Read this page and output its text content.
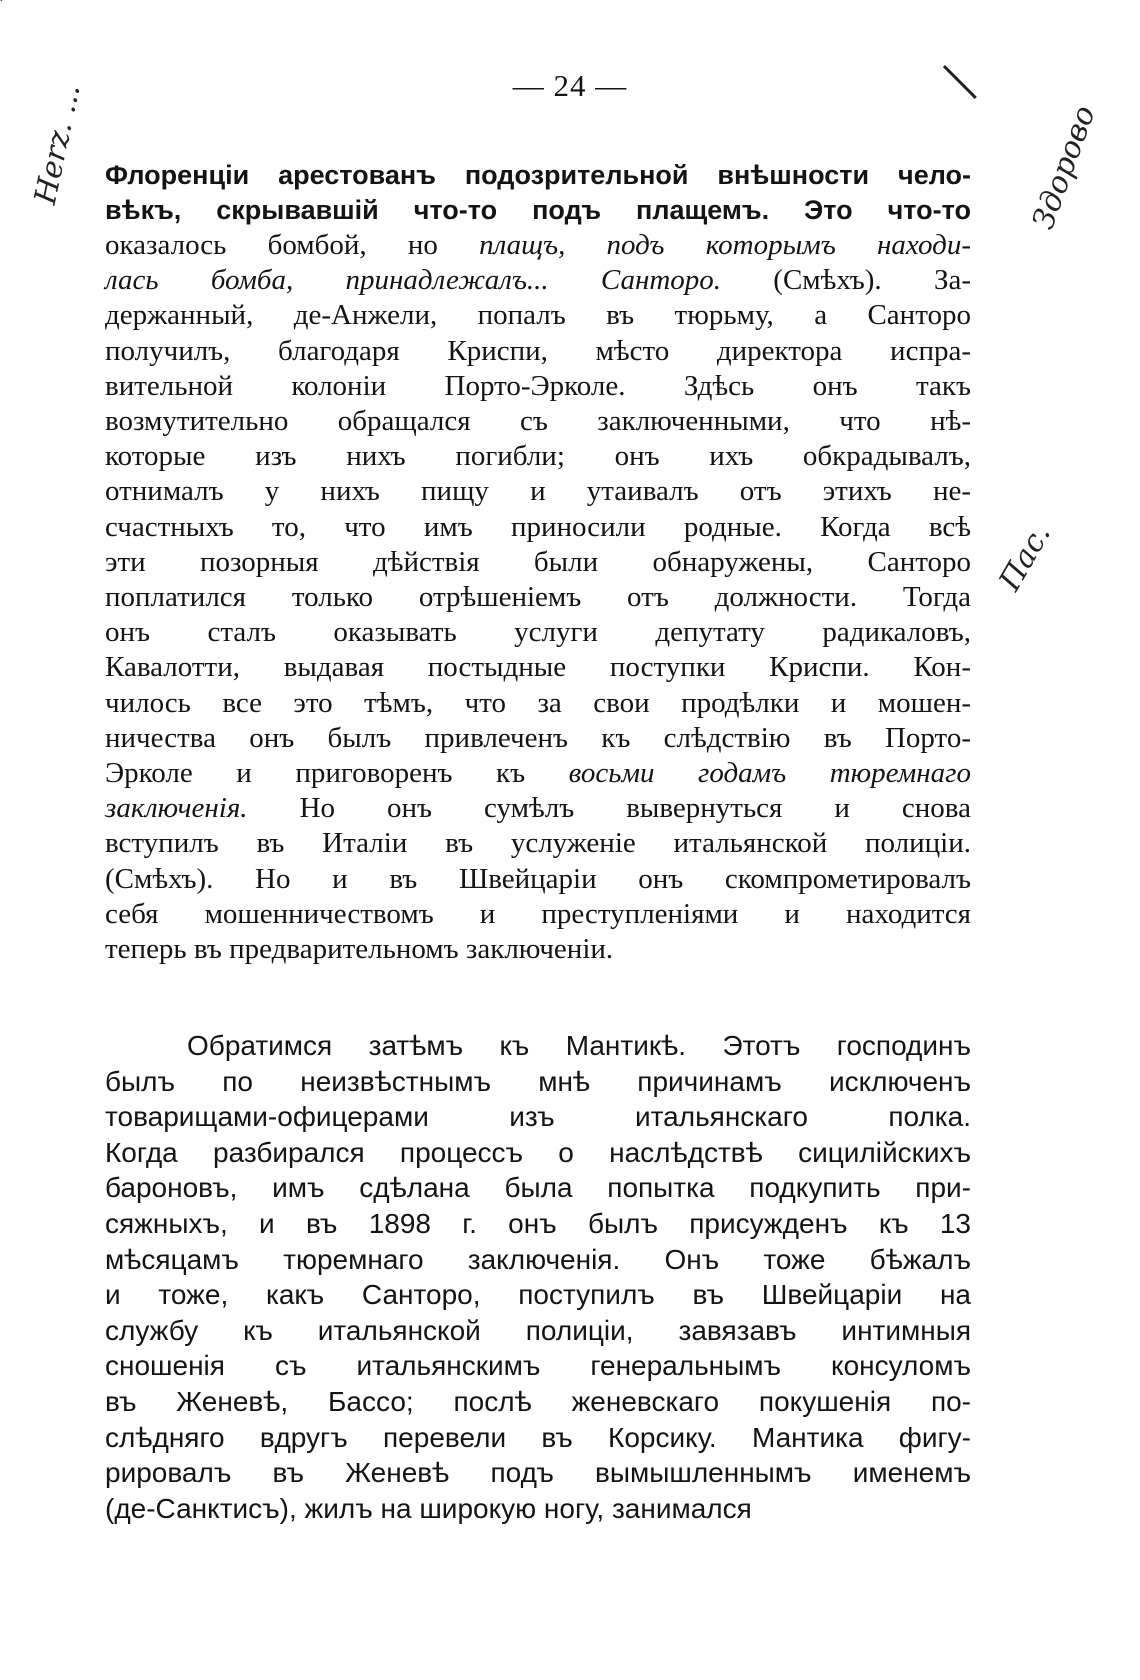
— 24 —
Флоренціи арестованъ подозрительной внѣшности чело-
вѣкъ, скрывавшій что-то подъ плащемъ. Это что-то
оказалось бомбой, но плащъ, подъ которымъ находи-
лась бомба, принадлежалъ... Санторо. (Смѣхъ). За-
держанный, де-Анжели, попалъ въ тюрьму, а Санторо
получилъ, благодаря Криспи, мѣсто директора испра-
вительной колоніи Порто-Эрколе. Здѣсь онъ такъ
возмутительно обращался съ заключенными, что нѣ-
которые изъ нихъ погибли; онъ ихъ обкрадывалъ,
отнималъ у нихъ пищу и утаивалъ отъ этихъ не-
счастныхъ то, что имъ приносили родные. Когда всѣ
эти позорныя дѣйствія были обнаружены, Санторо
поплатился только отрѣшеніемъ отъ должности. Тогда
онъ сталъ оказывать услуги депутату радикаловъ,
Кавалотти, выдавая постыдные поступки Криспи. Кон-
чилось все это тѣмъ, что за свои продѣлки и мошен-
ничества онъ былъ привлеченъ къ слѣдствію въ Порто-
Эрколе и приговоренъ къ восьми годамъ тюремнаго
заключенія. Но онъ сумѣлъ вывернуться и снова
вступилъ въ Италіи въ услуженіе итальянской полиціи.
(Смѣхъ). Но и въ Швейцаріи онъ скомпрометировалъ
себя мошенничествомъ и преступленіями и находится
теперь въ предварительномъ заключеніи.
Обратимся затѣмъ къ Мантикѣ. Этотъ господинъ
былъ по неизвѣстнымъ мнѣ причинамъ исключенъ
товарищами-офицерами изъ итальянскаго полка.
Когда разбирался процессъ о наслѣдствѣ сицилійскихъ
бароновъ, имъ сдѣлана была попытка подкупить при-
сяжныхъ, и въ 1898 г. онъ былъ присужденъ къ 13
мѣсяцамъ тюремнаго заключенія. Онъ тоже бѣжалъ
и тоже, какъ Санторо, поступилъ въ Швейцаріи на
службу къ итальянской полиціи, завязавъ интимныя
сношенія съ итальянскимъ генеральнымъ консуломъ
въ Женевѣ, Бассо; послѣ женевскаго покушенія по-
слѣдняго вдругъ перевели въ Корсику. Мантика фигу-
рировалъ въ Женевѣ подъ вымышленнымъ именемъ
(де-Санктисъ), жилъ на широкую ногу, занимался
Herz. ...	Здорово
Пас.
